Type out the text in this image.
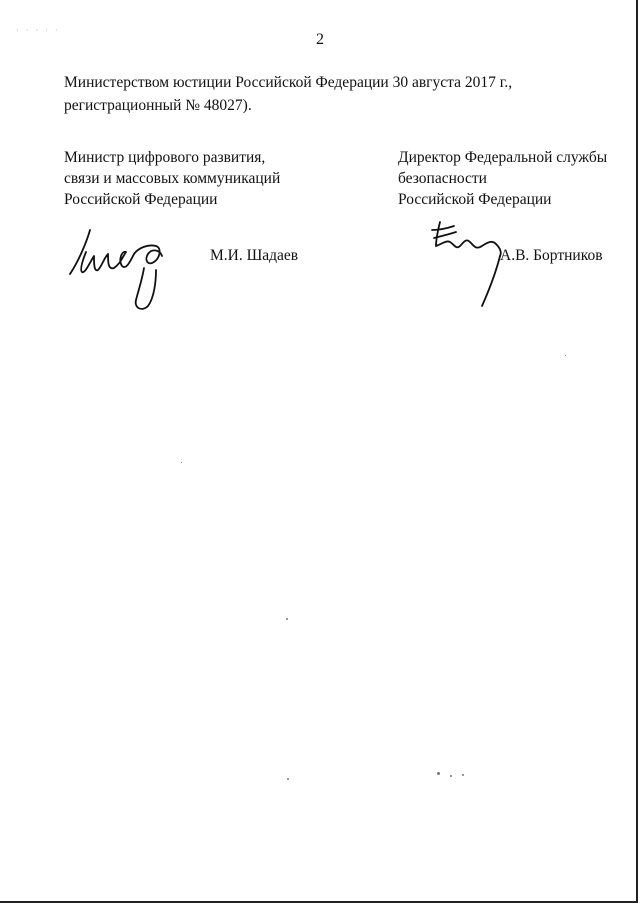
· · · · ·	2
Министерством юстиции Российской Федерации 30 августа 2017 г., регистрационный № 48027).
Министр цифрового развития,
связи и массовых коммуникаций
Российской Федерации
Директор Федеральной службы
безопасности
Российской Федерации
М.И. Шадаев	А.В. Бортников
